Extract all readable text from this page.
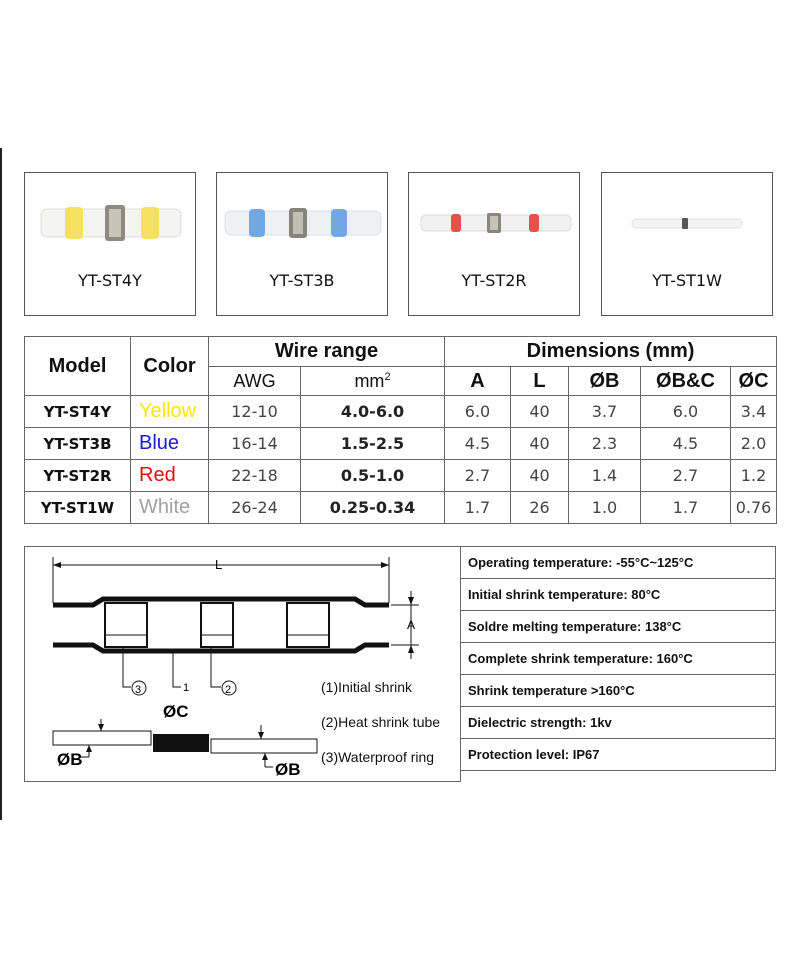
YT-ST4Y	YT-ST3B	YT-ST2R	YT-ST1W
Model	Color	Wire range		Dimensions (mm)				
		AWG	$mm^2$	A	L	ØB	ØB&C	ØC
YT-ST4Y	Yellow	12-10	4.0-6.0	6.0	40	3.7	6.0	3.4
YT-ST3B	Blue	16-14	1.5-2.5	4.5	40	2.3	4.5	2.0
YT-ST2R	Red	22-18	0.5-1.0	2.7	40	1.4	2.7	1.2
YT-ST1W	White	26-24	0.25-0.34	1.7	26	1.0	1.7	0.76
L
A
3	1	2
ØC
ØB
ØB
(1)Initial shrink
(2)Heat shrink tube
(3)Waterproof ring
Operating temperature: -55°C~125°C
Initial shrink temperature: 80°C
Soldre melting temperature: 138°C
Complete shrink temperature: 160°C
Shrink temperature >160°C
Dielectric strength: 1kv
Protection level: IP67
